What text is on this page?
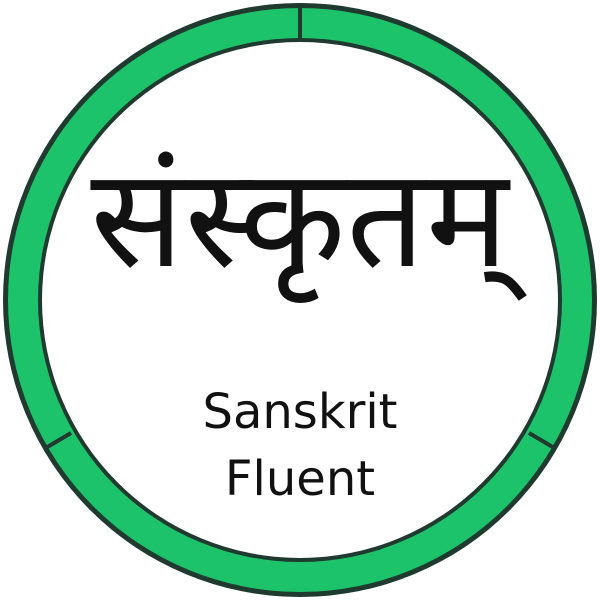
संस्कृतम्
Sanskrit
Fluent
